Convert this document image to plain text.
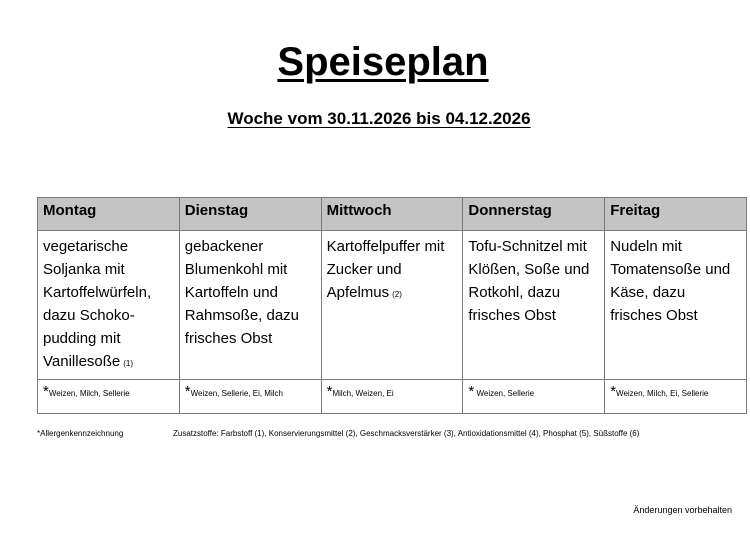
Speiseplan
Woche vom 30.11.2026 bis 04.12.2026
Montag	Dienstag	Mittwoch	Donnerstag	Freitag
vegetarische Soljanka mit Kartoffelwürfeln, dazu Schoko-pudding mit Vanillesoße (1)	gebackener Blumenkohl mit Kartoffeln und Rahmsoße, dazu frisches Obst	Kartoffelpuffer mit Zucker und Apfelmus (2)	Tofu-Schnitzel mit Klößen, Soße und Rotkohl, dazu frisches Obst	Nudeln mit Tomatensoße und Käse, dazu frisches Obst
*Weizen, Milch, Sellerie	*Weizen, Sellerie, Ei, Milch	*Milch, Weizen, Ei	* Weizen, Sellerie	*Weizen, Milch, Ei, Sellerie
*Allergenkennzeichnung	Zusatzstoffe: Farbstoff (1), Konservierungsmittel (2), Geschmacksverstärker (3), Antioxidationsmittel (4), Phosphat (5), Süßstoffe (6)
Änderungen vorbehalten
